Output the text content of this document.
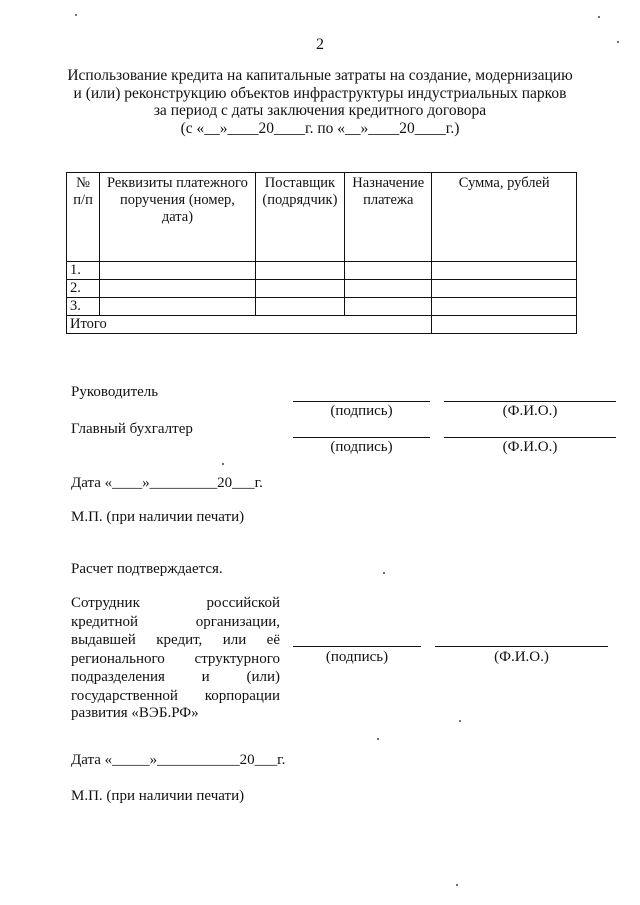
2
Использование кредита на капитальные затраты на создание, модернизацию
и (или) реконструкцию объектов инфраструктуры индустриальных парков
за период с даты заключения кредитного договора
(с «__»____20____г. по «__»____20____г.)
№ п/п	Реквизиты платежного поручения (номер, дата)	Поставщик (подрядчик)	Назначение платежа	Сумма, рублей
1.				
2.				
3.				
Итого				
Руководитель
(подпись)	(Ф.И.О.)
Главный бухгалтер
(подпись)	(Ф.И.О.)
Дата «____»_________20___г.
М.П. (при наличии печати)
Расчет подтверждается.
Сотрудник российской
кредитной организации,
выдавшей кредит, или её
регионального структурного
подразделения и (или)
государственной корпорации
развития «ВЭБ.РФ»
(подпись)	(Ф.И.О.)
Дата «_____»___________20___г.
М.П. (при наличии печати)
